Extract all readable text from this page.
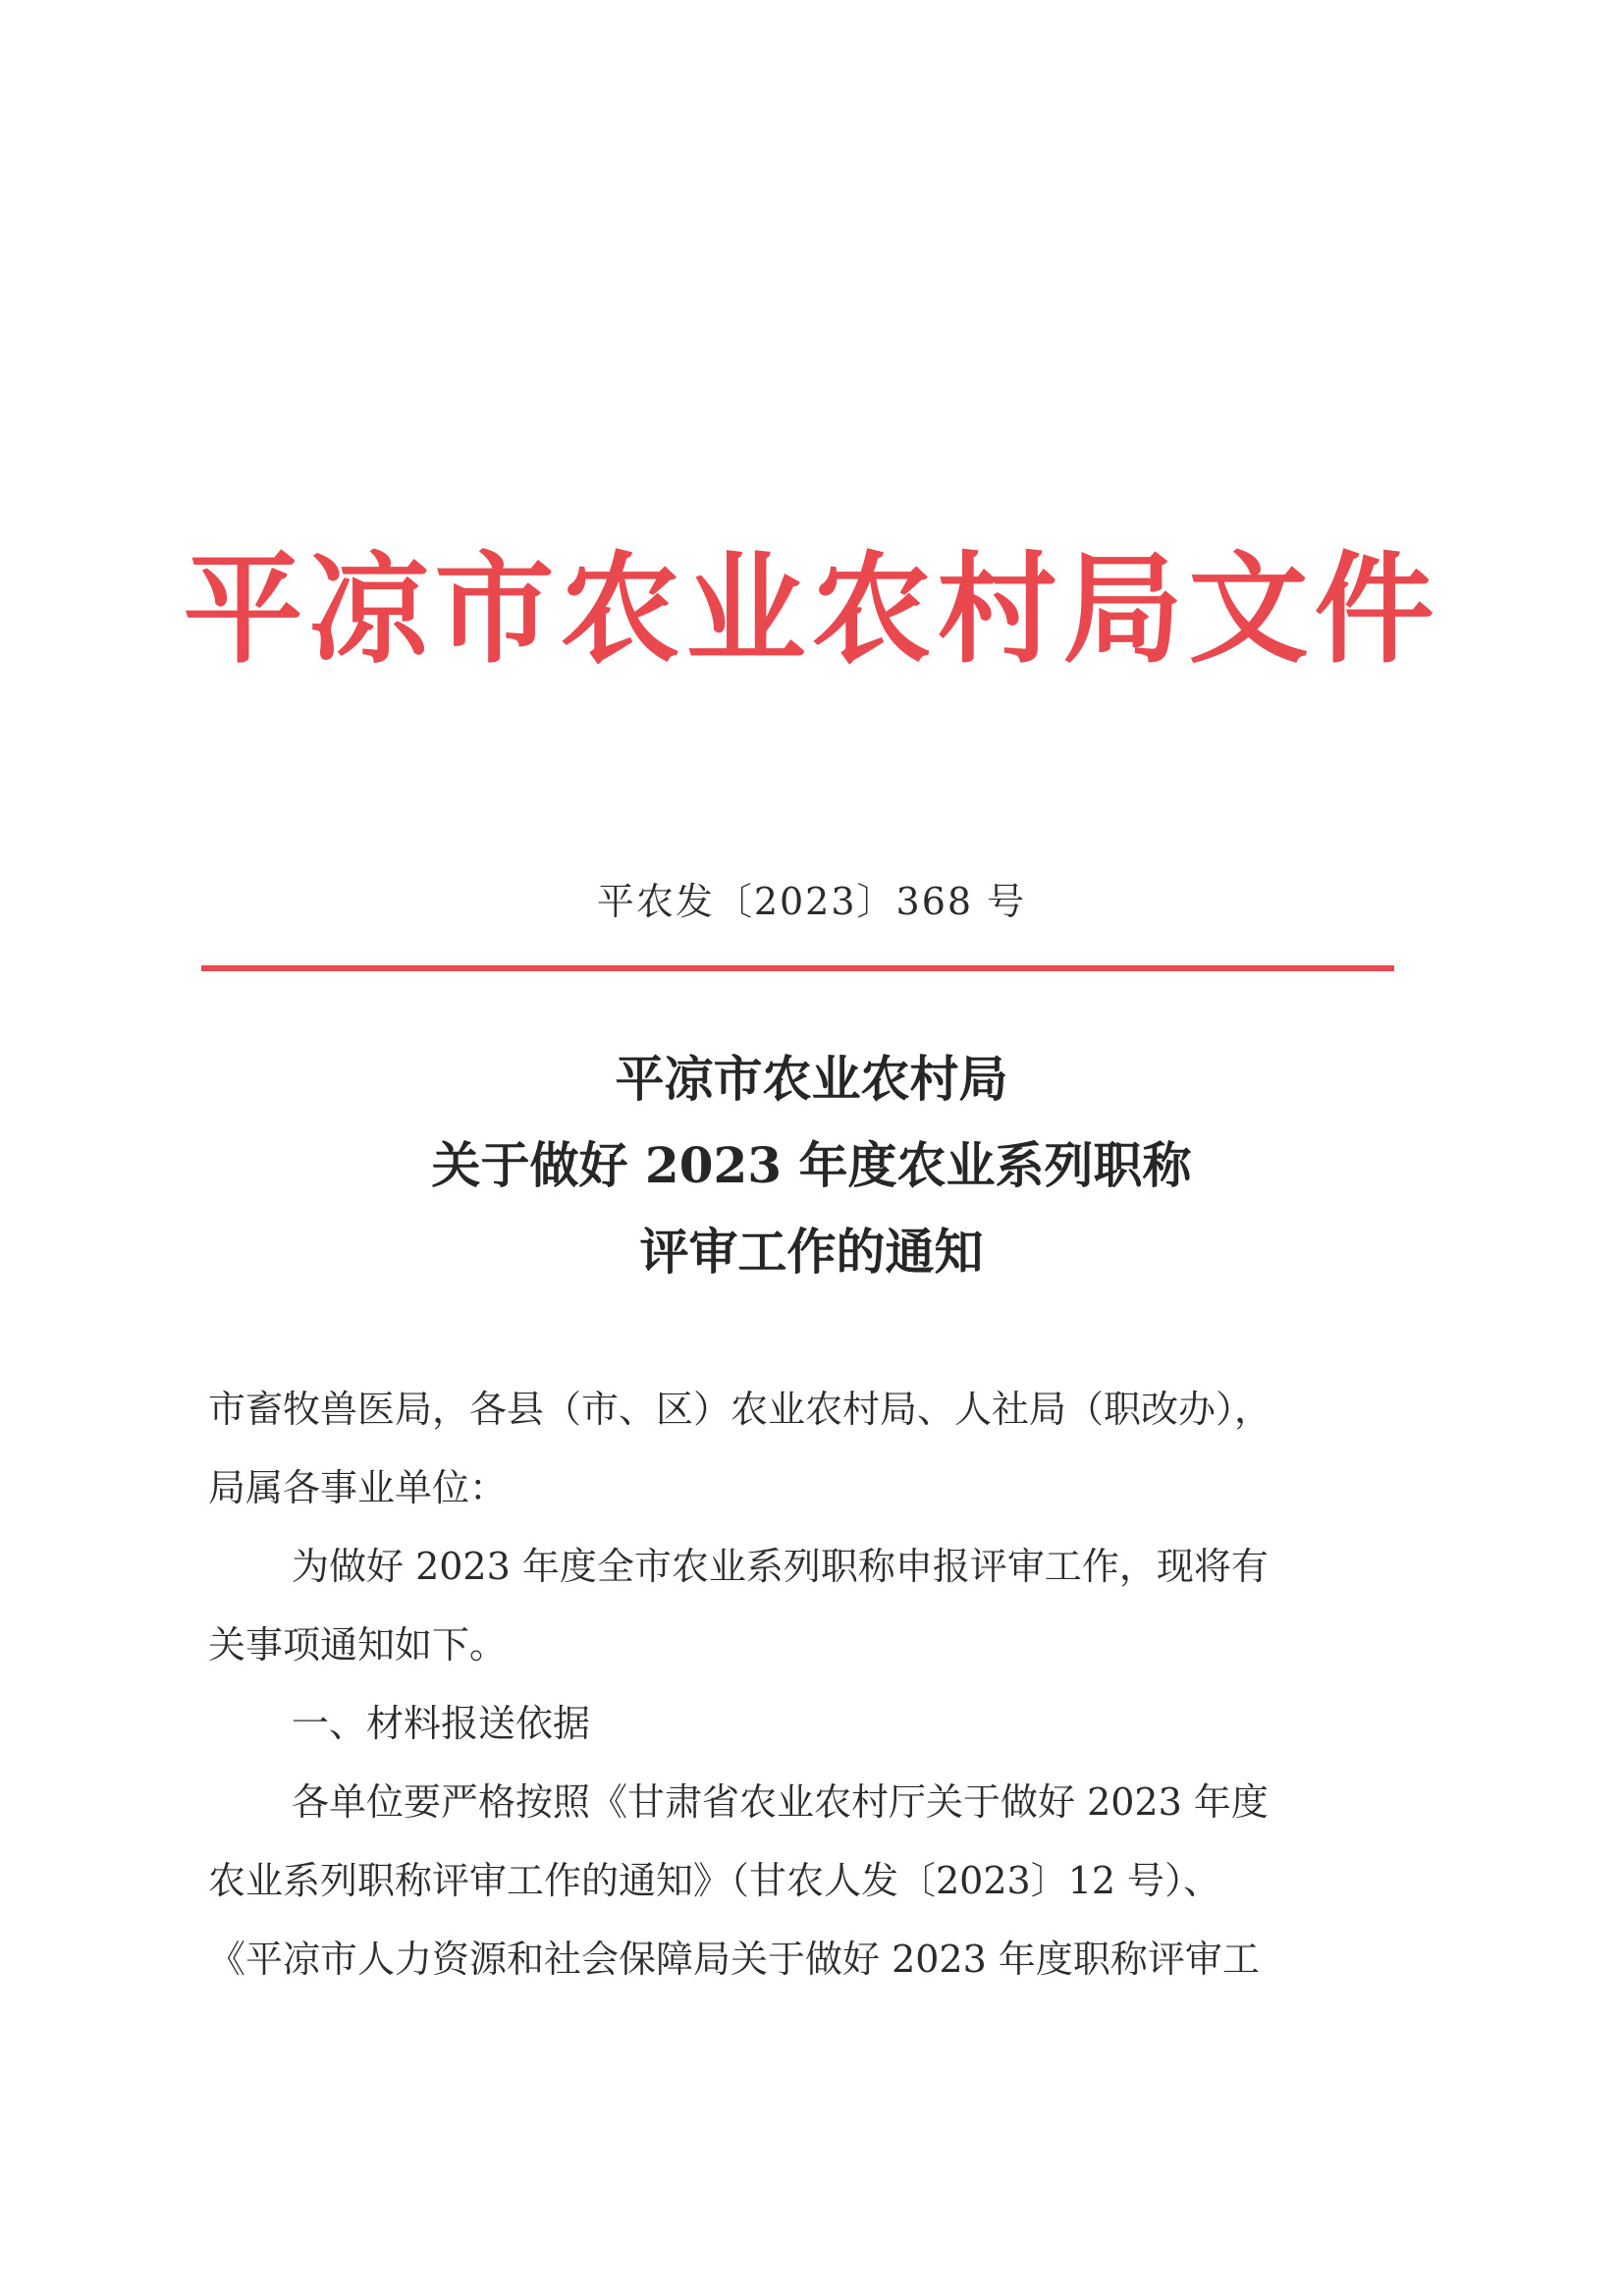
平凉市农业农村局文件
平农发〔2023〕368 号
平凉市农业农村局
关于做好 2023 年度农业系列职称
评审工作的通知

市畜牧兽医局，各县（市、区）农业农村局、人社局（职改办），

局属各事业单位：

为做好 2023 年度全市农业系列职称申报评审工作，现将有

关事项通知如下。

一、材料报送依据

各单位要严格按照《甘肃省农业农村厅关于做好 2023 年度

农业系列职称评审工作的通知》（甘农人发〔2023〕12 号）、

《平凉市人力资源和社会保障局关于做好 2023 年度职称评审工
